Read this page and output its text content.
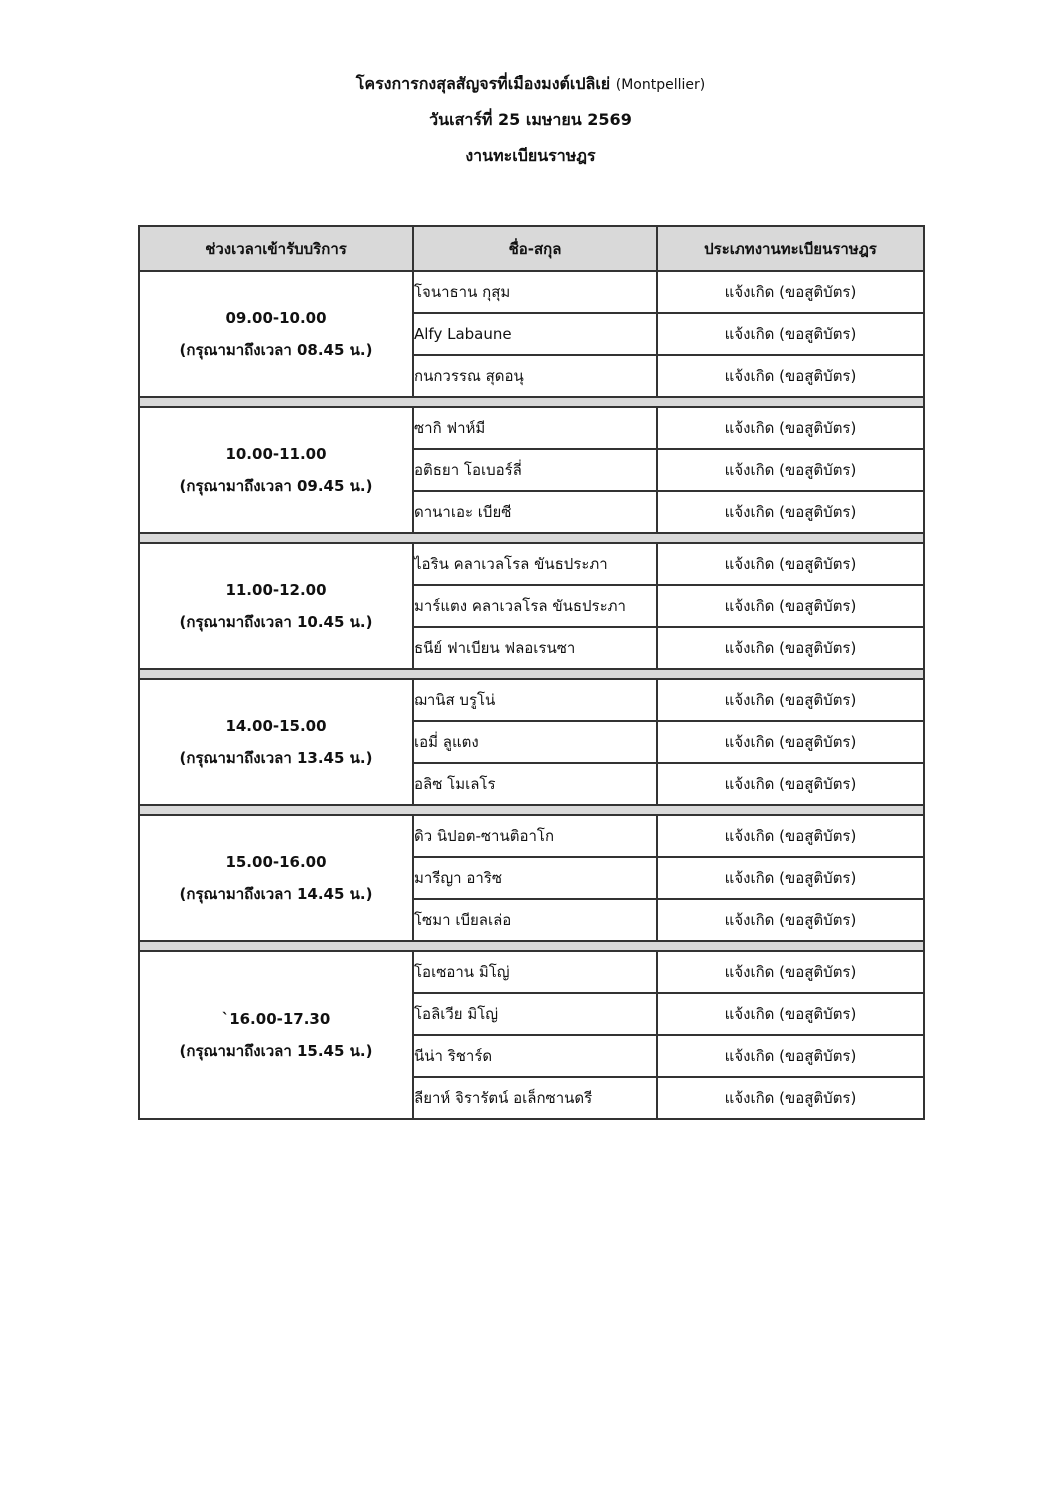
โครงการกงสุลสัญจรที่เมืองมงต์เปลิเย่ (Montpellier)
วันเสาร์ที่ 25 เมษายน 2569
งานทะเบียนราษฎร
ช่วงเวลาเข้ารับบริการ	ชื่อ-สกุล	ประเภทงานทะเบียนราษฎร

09.00-10.00
(กรุณามาถึงเวลา 08.45 น.)	โจนาธาน กุสุม	แจ้งเกิด (ขอสูติบัตร)
	Alfy Labaune	แจ้งเกิด (ขอสูติบัตร)
	กนกวรรณ สุดอนุ	แจ้งเกิด (ขอสูติบัตร)

10.00-11.00
(กรุณามาถึงเวลา 09.45 น.)	ซากิ ฟาห์มี	แจ้งเกิด (ขอสูติบัตร)
	อติธยา โอเบอร์ลี่	แจ้งเกิด (ขอสูติบัตร)
	ดานาเอะ เบียซี	แจ้งเกิด (ขอสูติบัตร)

11.00-12.00
(กรุณามาถึงเวลา 10.45 น.)	ไอริน คลาเวลโรล ขันธประภา	แจ้งเกิด (ขอสูติบัตร)
	มาร์แตง คลาเวลโรล ขันธประภา	แจ้งเกิด (ขอสูติบัตร)
	ธนีย์ ฟาเบียน ฟลอเรนซา	แจ้งเกิด (ขอสูติบัตร)

14.00-15.00
(กรุณามาถึงเวลา 13.45 น.)	ฌานิส บรูโน่	แจ้งเกิด (ขอสูติบัตร)
	เอมี่ ลูแตง	แจ้งเกิด (ขอสูติบัตร)
	อลิซ โมเลโร	แจ้งเกิด (ขอสูติบัตร)

15.00-16.00
(กรุณามาถึงเวลา 14.45 น.)	ดิว นิปอต-ซานติอาโก	แจ้งเกิด (ขอสูติบัตร)
	มารีญา อาริซ	แจ้งเกิด (ขอสูติบัตร)
	โซมา เบียลเล่อ	แจ้งเกิด (ขอสูติบัตร)

`16.00-17.30
(กรุณามาถึงเวลา 15.45 น.)	โอเซอาน มิโญ่	แจ้งเกิด (ขอสูติบัตร)
	โอลิเวีย มิโญ่	แจ้งเกิด (ขอสูติบัตร)
	นีน่า ริชาร์ด	แจ้งเกิด (ขอสูติบัตร)
	ลียาห์ จิรารัตน์ อเล็กซานดรี	แจ้งเกิด (ขอสูติบัตร)
